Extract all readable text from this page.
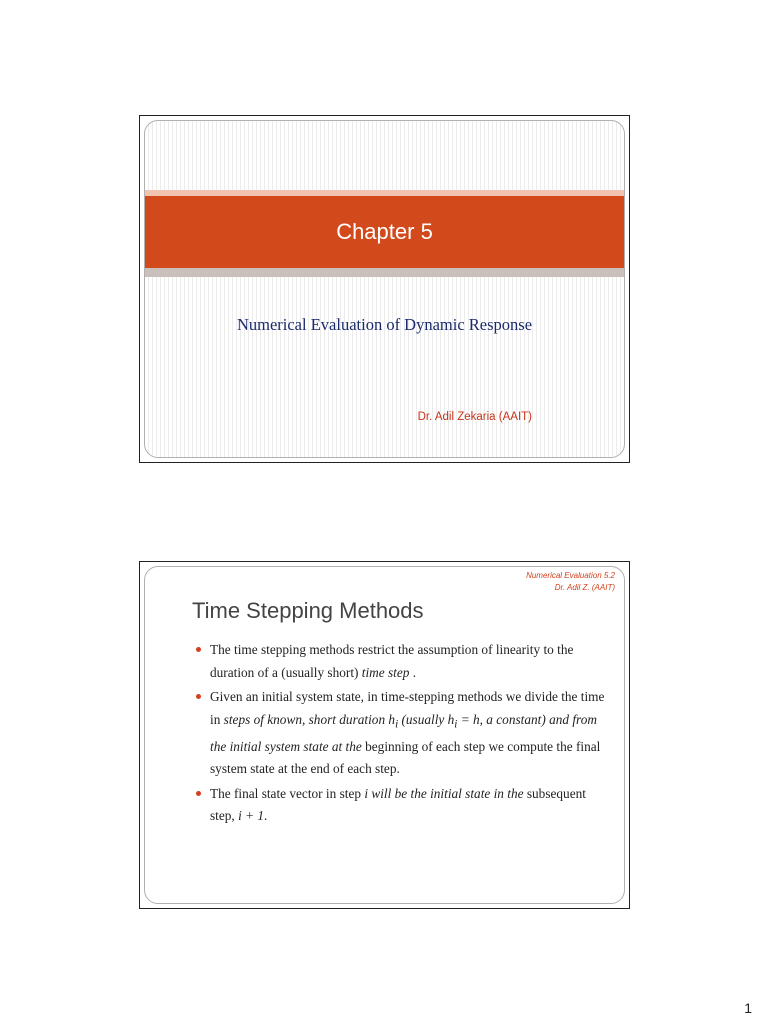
Chapter 5
Numerical Evaluation of Dynamic Response
Dr. Adil Zekaria (AAIT)
Numerical Evaluation 5.2
Dr. Adil Z. (AAIT)
Time Stepping Methods
The time stepping methods restrict the assumption of linearity to the duration of a (usually short) time step .
Given an initial system state, in time-stepping methods we divide the time in steps of known, short duration $h_i$ (usually $h_i = h$, a constant) and from the initial system state at the beginning of each step we compute the final system state at the end of each step.
The final state vector in step i will be the initial state in the subsequent step, i + 1.
1
